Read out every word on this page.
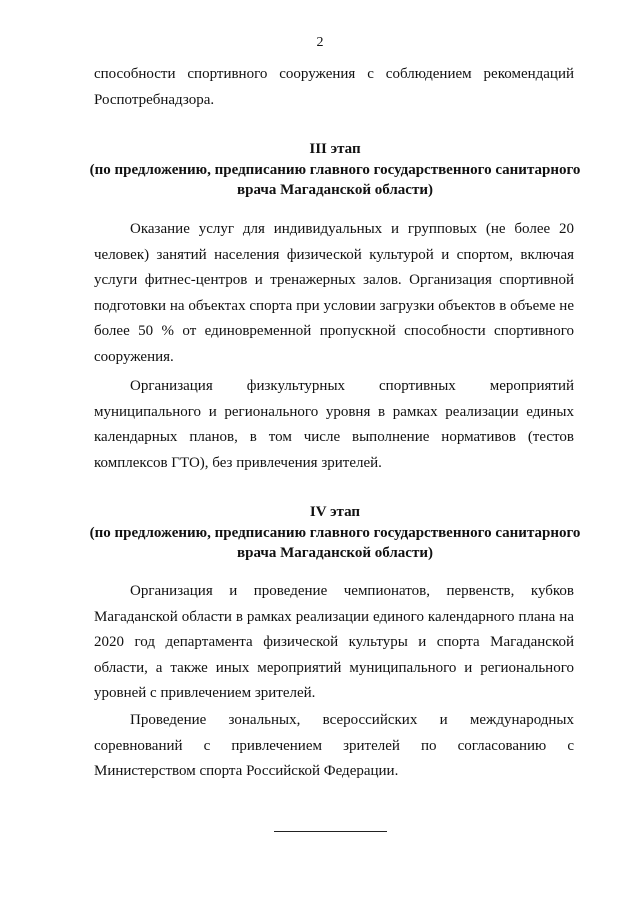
2

способности спортивного сооружения с соблюдением рекомендаций Роспотребнадзора.

III этап
(по предложению, предписанию главного государственного санитарного врача Магаданской области)

Оказание услуг для индивидуальных и групповых (не более 20 человек) занятий населения физической культурой и спортом, включая услуги фитнес-центров и тренажерных залов. Организация спортивной подготовки на объектах спорта при условии загрузки объектов в объеме не более 50 % от единовременной пропускной способности спортивного сооружения.

Организация физкультурных спортивных мероприятий муниципального и регионального уровня в рамках реализации единых календарных планов, в том числе выполнение нормативов (тестов комплексов ГТО), без привлечения зрителей.

IV этап
(по предложению, предписанию главного государственного санитарного врача Магаданской области)

Организация и проведение чемпионатов, первенств, кубков Магаданской области в рамках реализации единого календарного плана на 2020 год департамента физической культуры и спорта Магаданской области, а также иных мероприятий муниципального и регионального уровней с привлечением зрителей.

Проведение зональных, всероссийских и международных соревнований с привлечением зрителей по согласованию с Министерством спорта Российской Федерации.
